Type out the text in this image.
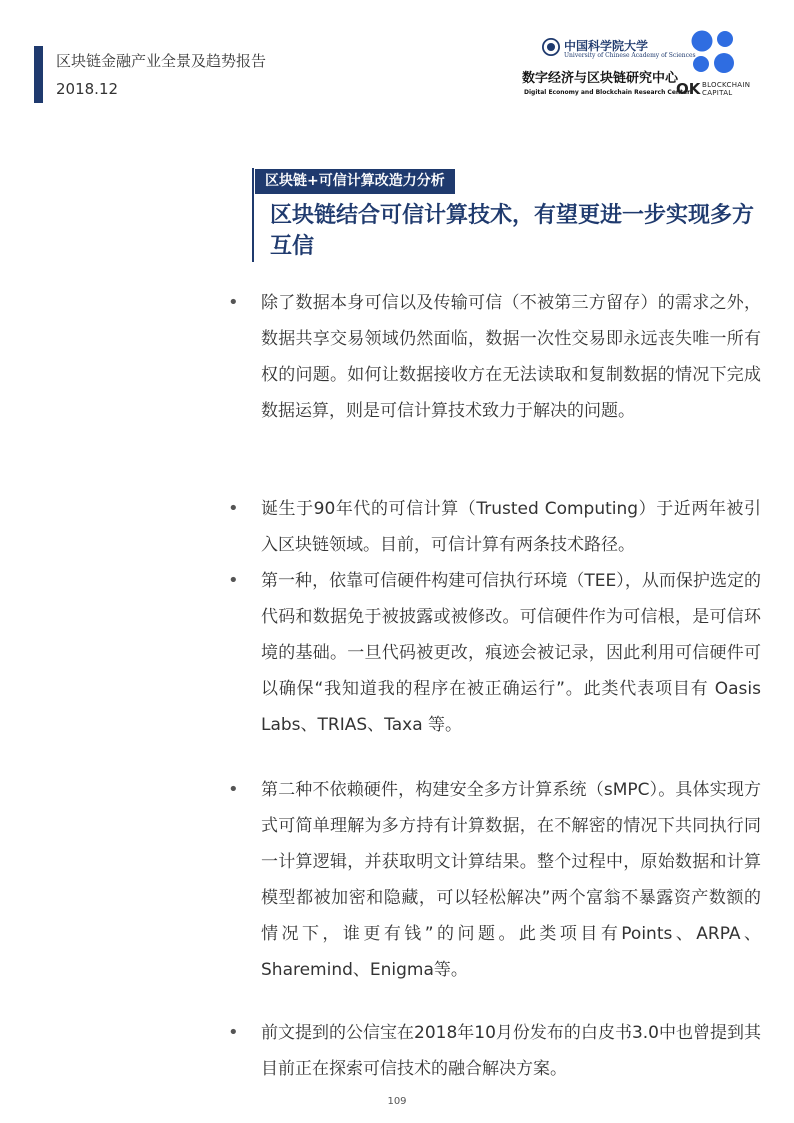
区块链金融产业全景及趋势报告
2018.12
中国科学院大学
University of Chinese Academy of Sciences
数字经济与区块链研究中心
Digital Economy and Blockchain Research Center
OK BLOCKCHAIN
CAPITAL
区块链+可信计算改造力分析
区块链结合可信计算技术，有望更进一步实现多方互信
• 除了数据本身可信以及传输可信（不被第三方留存）的需求之外，数据共享交易领域仍然面临，数据一次性交易即永远丧失唯一所有权的问题。如何让数据接收方在无法读取和复制数据的情况下完成数据运算，则是可信计算技术致力于解决的问题。
• 诞生于90年代的可信计算（Trusted Computing）于近两年被引入区块链领域。目前，可信计算有两条技术路径。
• 第一种，依靠可信硬件构建可信执行环境（TEE），从而保护选定的代码和数据免于被披露或被修改。可信硬件作为可信根，是可信环境的基础。一旦代码被更改，痕迹会被记录，因此利用可信硬件可以确保“我知道我的程序在被正确运行”。此类代表项目有 Oasis Labs、TRIAS、Taxa 等。
• 第二种不依赖硬件，构建安全多方计算系统（sMPC）。具体实现方式可简单理解为多方持有计算数据，在不解密的情况下共同执行同一计算逻辑，并获取明文计算结果。整个过程中，原始数据和计算模型都被加密和隐藏，可以轻松解决”两个富翁不暴露资产数额的情况下，谁更有钱”的问题。此类项目有Points、ARPA、Sharemind、Enigma等。
• 前文提到的公信宝在2018年10月份发布的白皮书3.0中也曾提到其目前正在探索可信技术的融合解决方案。
109
